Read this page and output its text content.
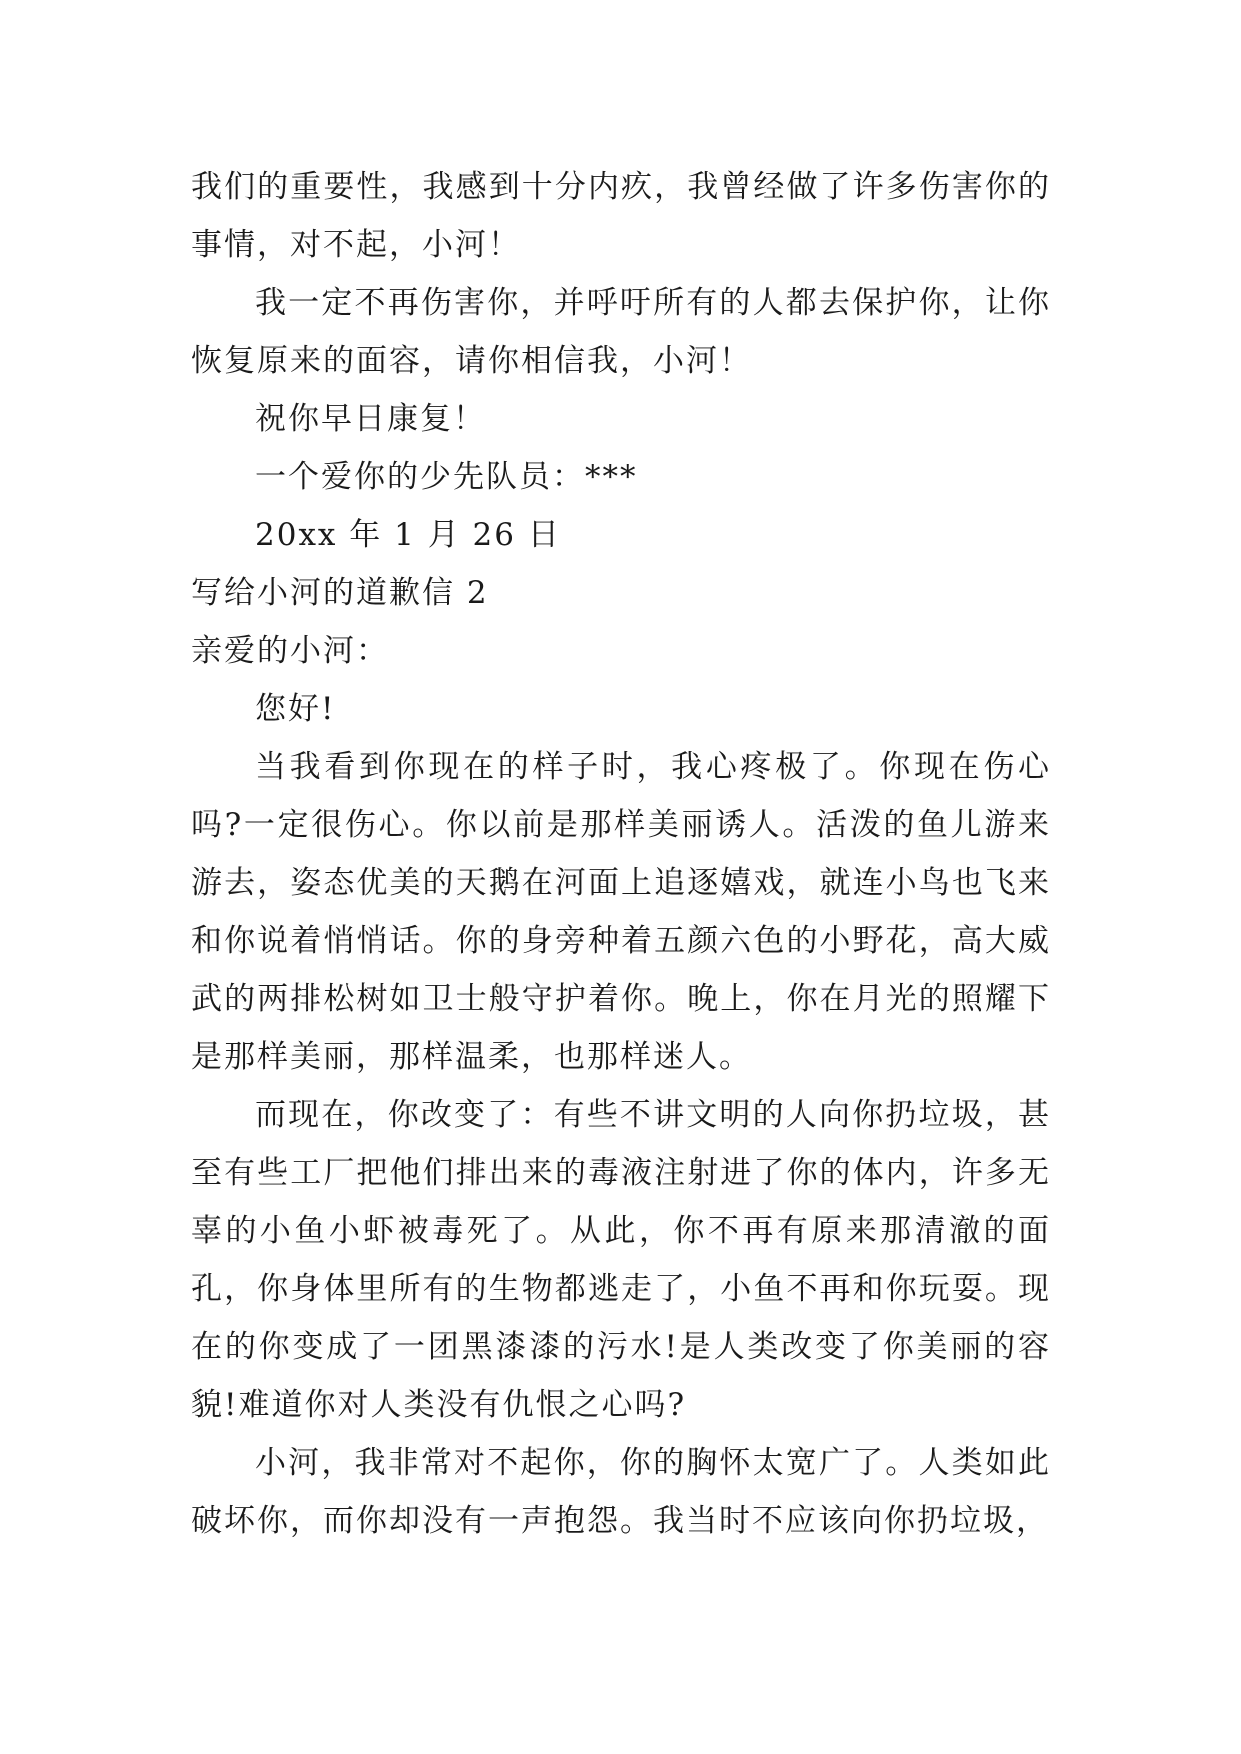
我们的重要性，我感到十分内疚，我曾经做了许多伤害你的事情，对不起，小河！

我一定不再伤害你，并呼吁所有的人都去保护你，让你恢复原来的面容，请你相信我，小河！

祝你早日康复！

一个爱你的少先队员：***

20xx 年 1 月 26 日

写给小河的道歉信 2

亲爱的小河：

您好!

当我看到你现在的样子时，我心疼极了。你现在伤心吗?一定很伤心。你以前是那样美丽诱人。活泼的鱼儿游来游去，姿态优美的天鹅在河面上追逐嬉戏，就连小鸟也飞来和你说着悄悄话。你的身旁种着五颜六色的小野花，高大威武的两排松树如卫士般守护着你。晚上，你在月光的照耀下是那样美丽，那样温柔，也那样迷人。

而现在，你改变了：有些不讲文明的人向你扔垃圾，甚至有些工厂把他们排出来的毒液注射进了你的体内，许多无辜的小鱼小虾被毒死了。从此，你不再有原来那清澈的面孔，你身体里所有的生物都逃走了，小鱼不再和你玩耍。现在的你变成了一团黑漆漆的污水!是人类改变了你美丽的容貌!难道你对人类没有仇恨之心吗?

小河，我非常对不起你，你的胸怀太宽广了。人类如此破坏你，而你却没有一声抱怨。我当时不应该向你扔垃圾，
